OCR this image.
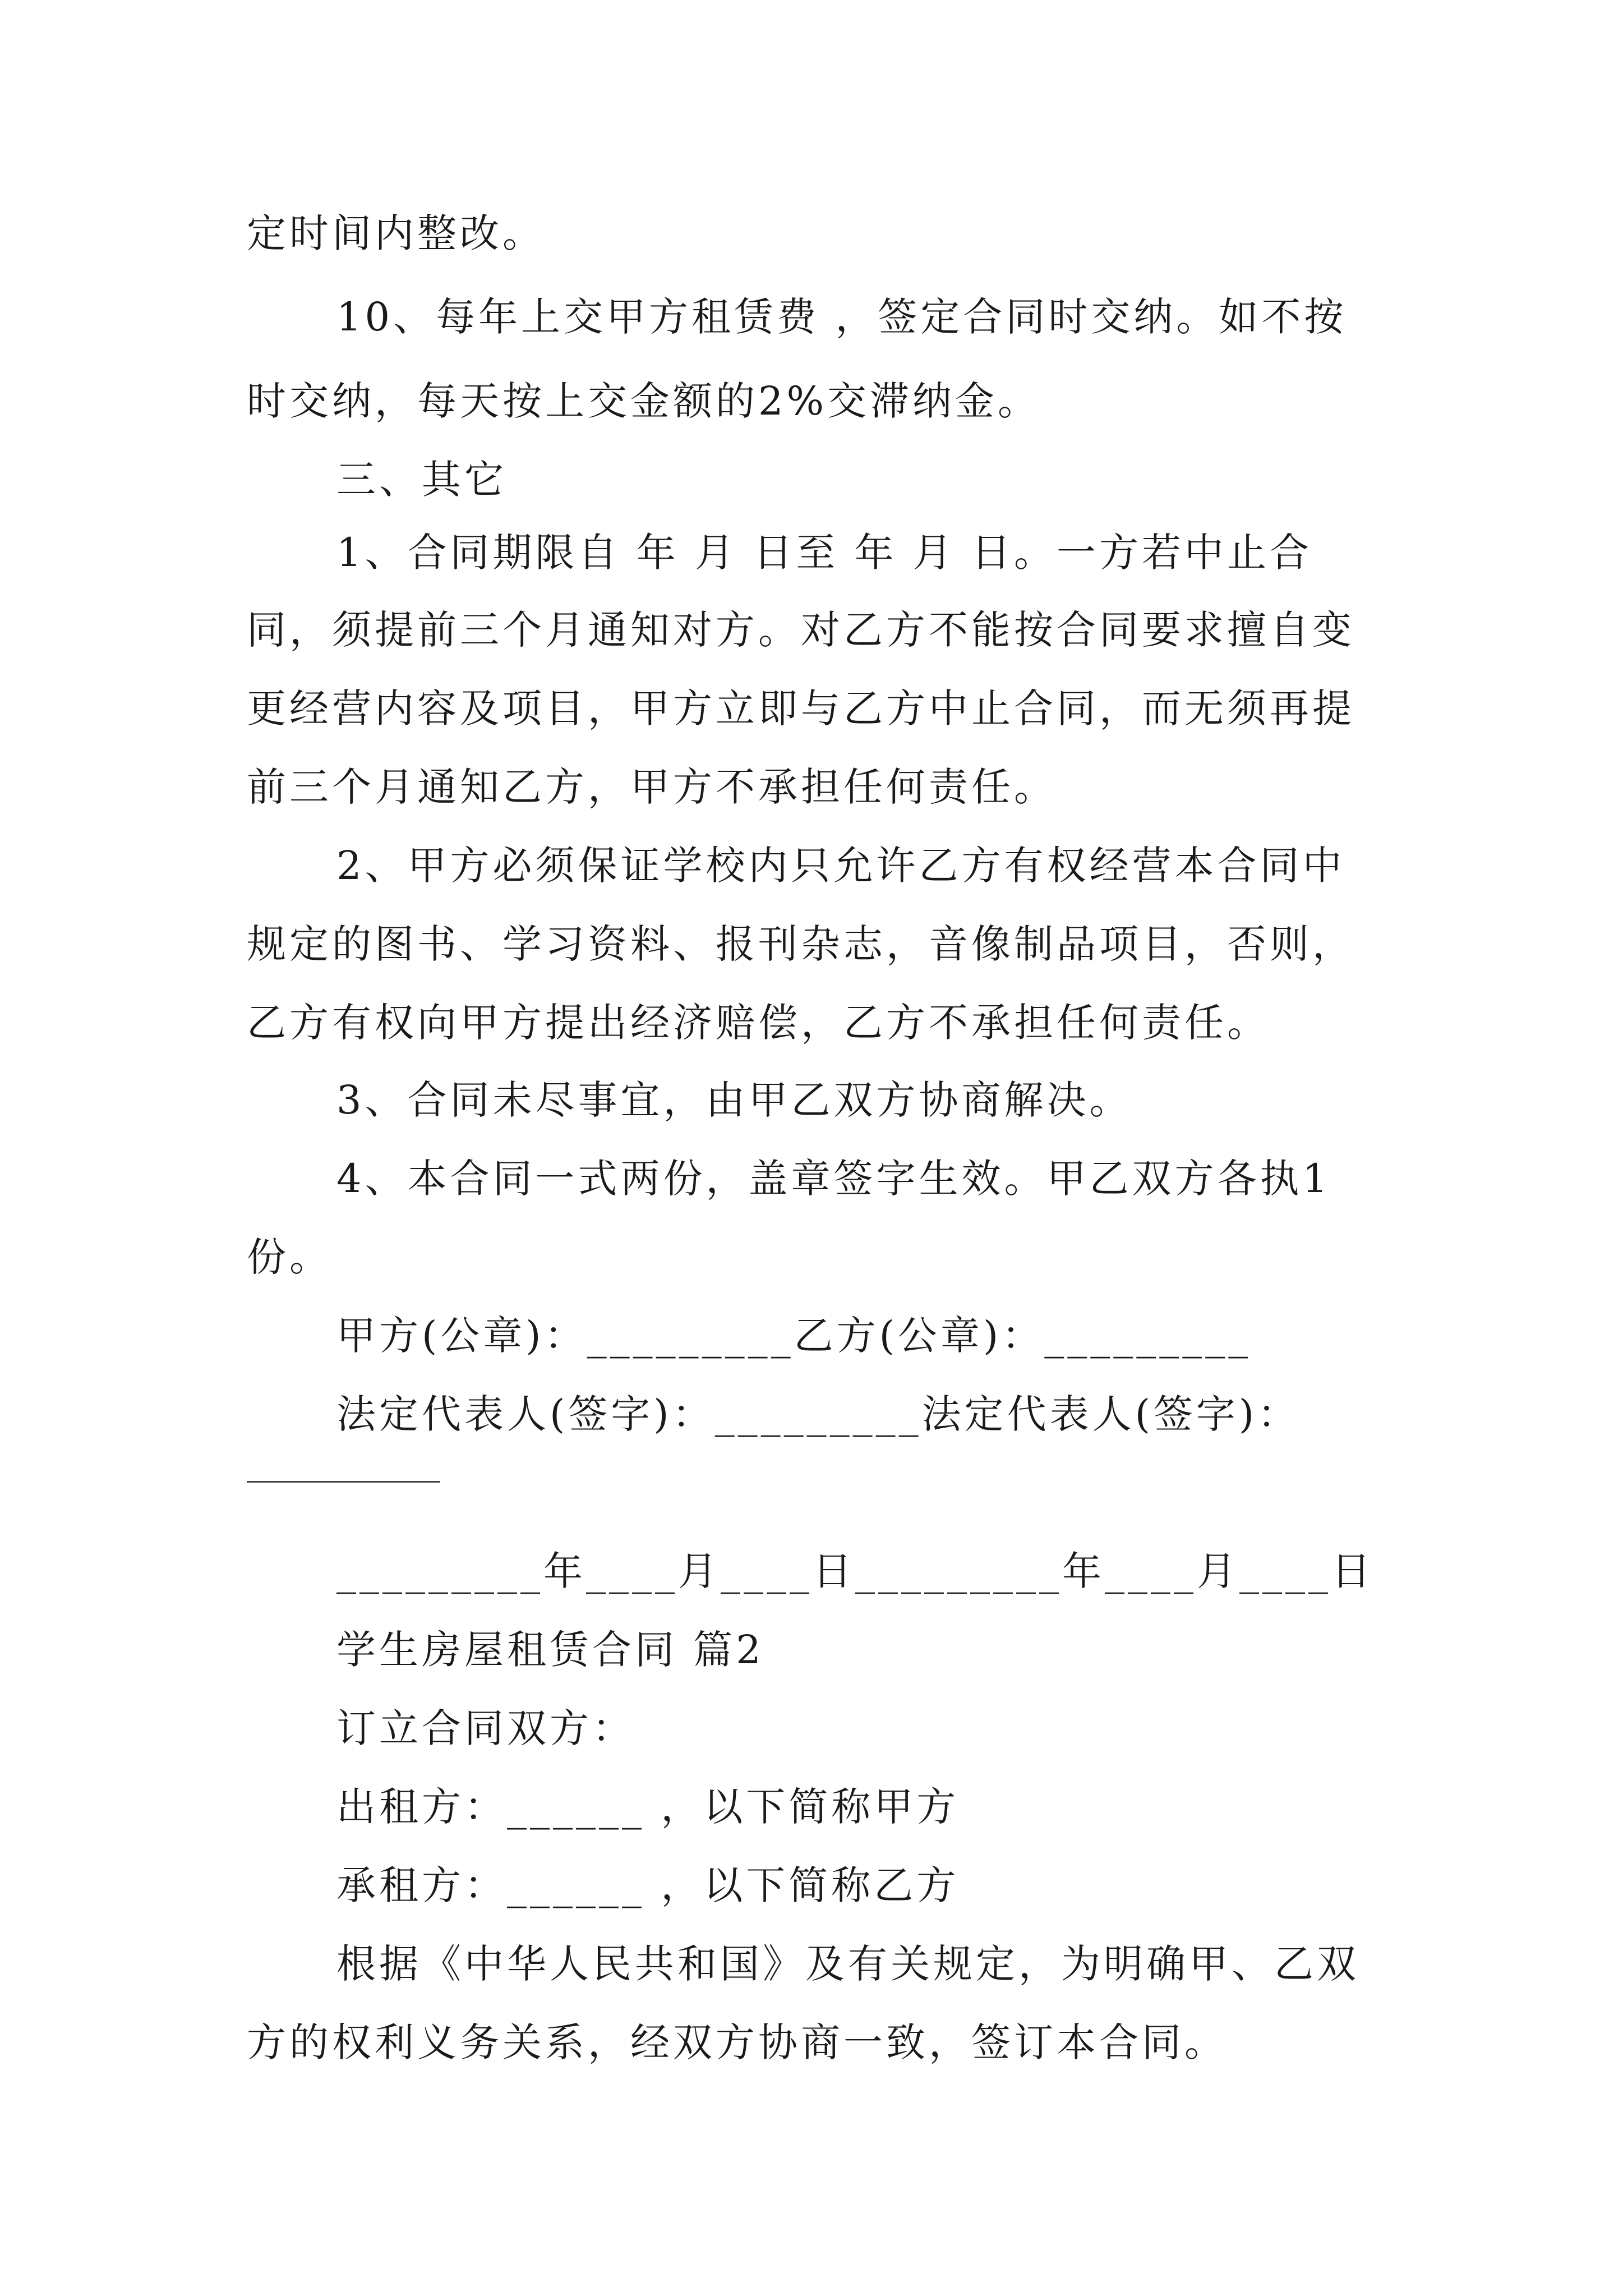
定时间内整改。
10、每年上交甲方租赁费 ，签定合同时交纳。如不按
时交纳，每天按上交金额的2%交滞纳金。
三、其它
1、合同期限自 年 月 日至 年 月 日。一方若中止合
同，须提前三个月通知对方。对乙方不能按合同要求擅自变
更经营内容及项目，甲方立即与乙方中止合同，而无须再提
前三个月通知乙方，甲方不承担任何责任。
2、甲方必须保证学校内只允许乙方有权经营本合同中
规定的图书、学习资料、报刊杂志，音像制品项目，否则，
乙方有权向甲方提出经济赔偿，乙方不承担任何责任。
3、合同未尽事宜，由甲乙双方协商解决。
4、本合同一式两份，盖章签字生效。甲乙双方各执1
份。
甲方(公章)：_________乙方(公章)：_________
法定代表人(签字)：_________法定代表人(签字)：
_________年____月____日_________年____月____日
学生房屋租赁合同 篇2
订立合同双方：
出租方：______ ，以下简称甲方
承租方：______ ，以下简称乙方
根据《中华人民共和国》及有关规定，为明确甲、乙双
方的权利义务关系，经双方协商一致，签订本合同。
